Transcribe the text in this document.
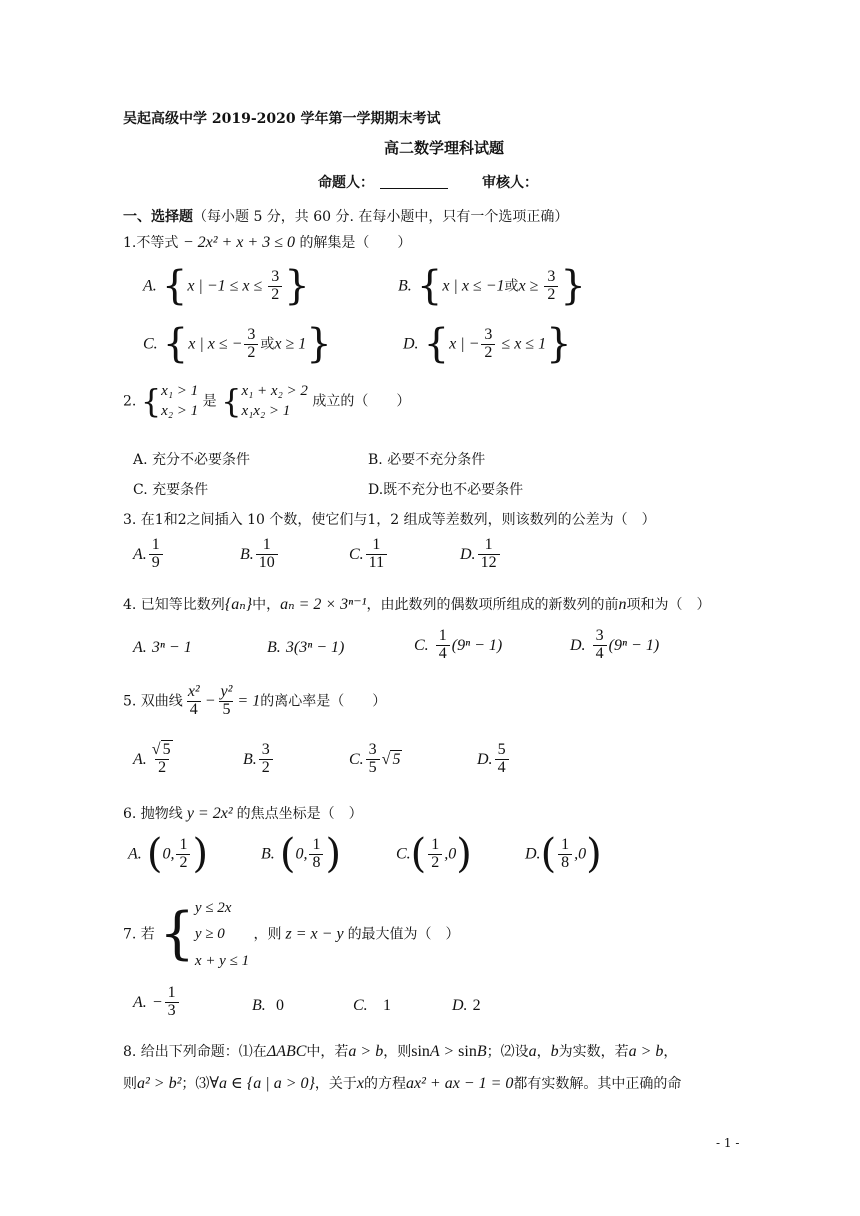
吴起高级中学 2019-2020 学年第一学期期末考试
高二数学理科试题
命题人：	审核人：
一、选择题（每小题 5 分，共 60 分. 在每小题中，只有一个选项正确）
1.不等式 − 2x² + x + 3 ≤ 0 的解集是（　　）
A. {x | $-1 \le x \le \frac{3}{2}$ }	B. {x | x ≤ −1或$x \ge \frac{3}{2}$ }
C. {x | x ≤ − $\frac{3}{2}$ 或x ≥ 1}	D. {x | − $\frac{3}{2} \le x \le 1$}
2. { x₁ > 1
x₂ > 1
是 { x₁ + x₂ > 2
x₁x₂ > 1
成立的（　　）
A. 充分不必要条件	B. 必要不充分条件
C. 充要条件	D.既不充分也不必要条件
3. 在1和2之间插入 10 个数，使它们与1，2 组成等差数列，则该数列的公差为（　）
A. $\frac{1}{9}$	B. $\frac{1}{10}$	C. $\frac{1}{11}$	D. $\frac{1}{12}$
4. 已知等比数列{aₙ}中，aₙ = 2 × 3ⁿ⁻¹，由此数列的偶数项所组成的新数列的前n项和为（　）
A. 3ⁿ − 1	B. 3(3ⁿ − 1)	C. $\frac{1}{4} (9^n - 1)$	D. $\frac{3}{4} (9^n - 1)$
5. 双曲线 $\frac{\text{x²}}{4} - \frac{\text{y²}}{5} = 1$的离心率是（　　）
A. $\frac{√ 5}{2}$	B. $\frac{3}{2}$	C. $\frac{3}{5}$ √ 5	D. $\frac{5}{4}$
6. 抛物线 y = 2x² 的焦点坐标是（　）
A. (0, $\frac{1}{2}$ )	B. (0, $\frac{1}{8}$ )	$C.( \frac{1}{2} ,0)$	$D.( \frac{1}{8} ,0)$
7. 若 { y ≤ 2x
y ≥ 0
x + y ≤ 1
，则 z = x − y 的最大值为（　）
A. − $\frac{1}{3}$	B. 0	C. 1	D. 2
8. 给出下列命题：⑴在ΔABC中，若a > b，则sinA > sinB；⑵设a，b为实数，若a > b，
则a² > b²；⑶∀a ∈ {a | a > 0}，关于x的方程ax² + ax − 1 = 0都有实数解。其中正确的命
- 1 -
